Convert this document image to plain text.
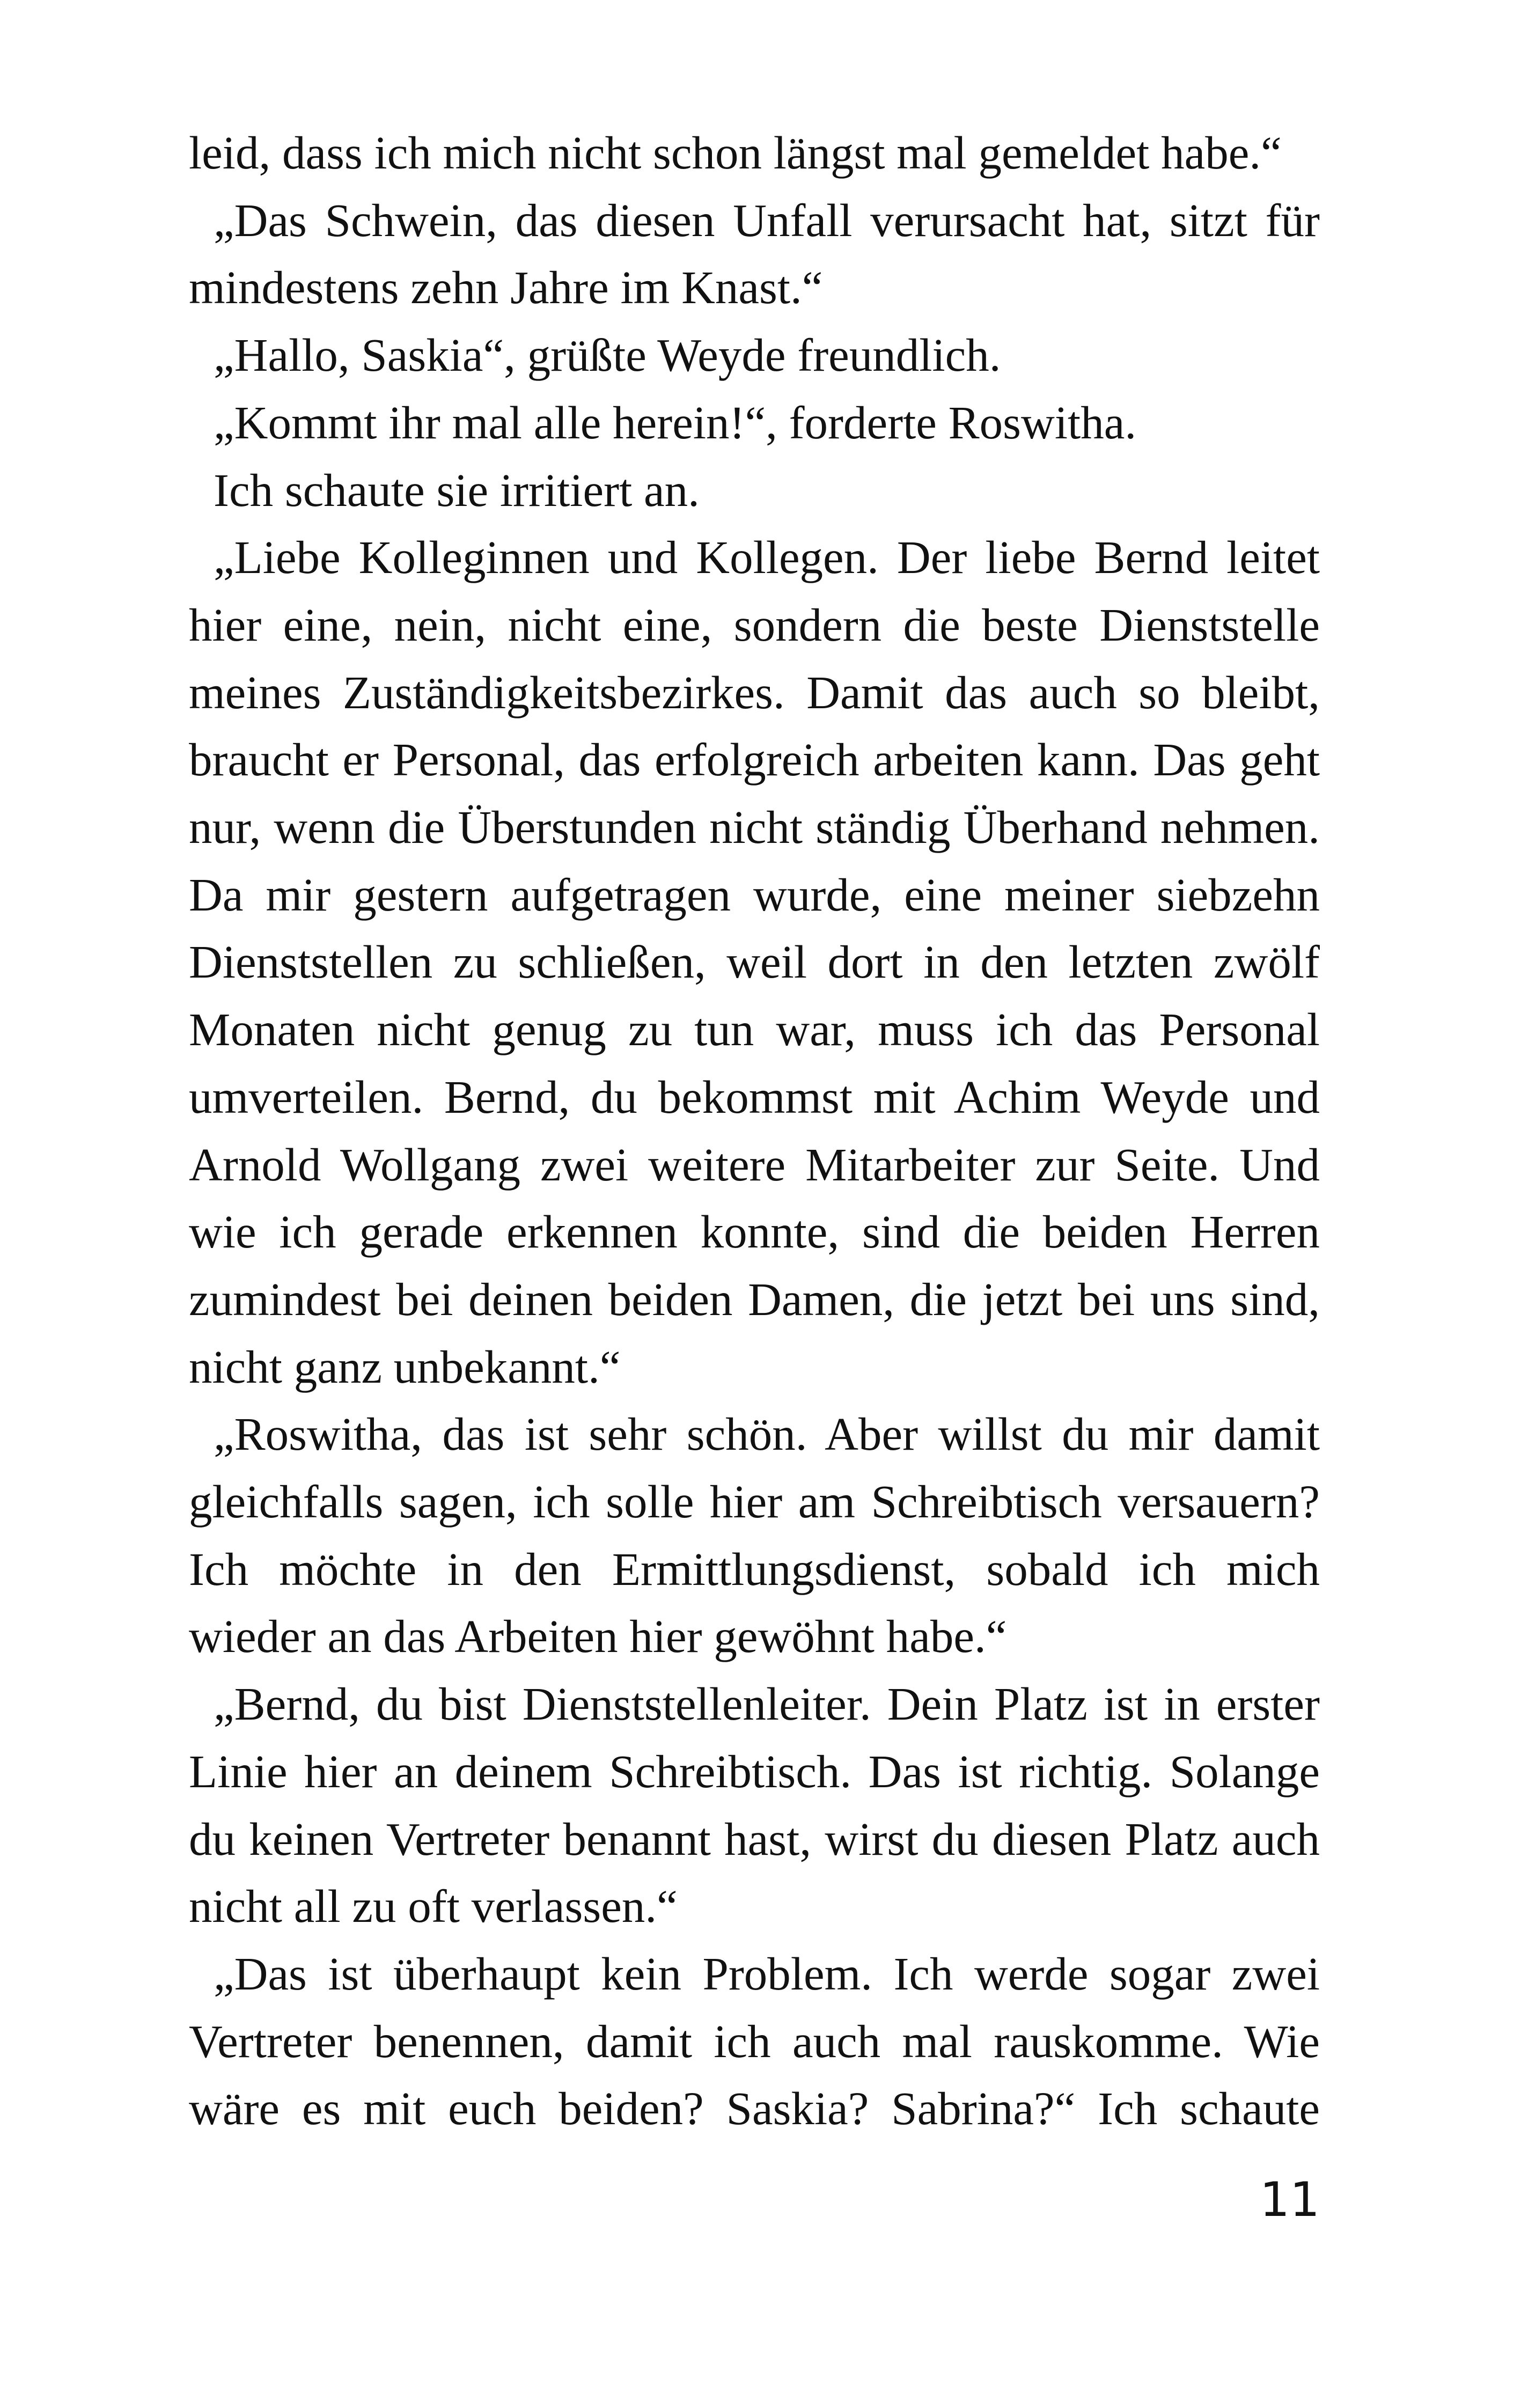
leid, dass ich mich nicht schon längst mal gemeldet habe.“

„Das Schwein, das diesen Unfall verursacht hat, sitzt für mindestens zehn Jahre im Knast.“

„Hallo, Saskia“, grüßte Weyde freundlich.

„Kommt ihr mal alle herein!“, forderte Roswitha.

Ich schaute sie irritiert an.

„Liebe Kolleginnen und Kollegen. Der liebe Bernd leitet hier eine, nein, nicht eine, sondern die beste Dienststelle meines Zuständigkeitsbezirkes. Damit das auch so bleibt, braucht er Personal, das erfolgreich arbeiten kann. Das geht nur, wenn die Überstunden nicht ständig Überhand nehmen. Da mir gestern aufgetragen wurde, eine meiner siebzehn Dienststellen zu schließen, weil dort in den letzten zwölf Monaten nicht genug zu tun war, muss ich das Personal umverteilen. Bernd, du bekommst mit Achim Weyde und Arnold Wollgang zwei weitere Mitarbeiter zur Seite. Und wie ich gerade erkennen konnte, sind die beiden Herren zumindest bei deinen beiden Damen, die jetzt bei uns sind, nicht ganz unbekannt.“

„Roswitha, das ist sehr schön. Aber willst du mir damit gleichfalls sagen, ich solle hier am Schreibtisch versauern? Ich möchte in den Ermittlungsdienst, sobald ich mich wieder an das Arbeiten hier gewöhnt habe.“

„Bernd, du bist Dienststellenleiter. Dein Platz ist in erster Linie hier an deinem Schreibtisch. Das ist richtig. Solange du keinen Vertreter benannt hast, wirst du diesen Platz auch nicht all zu oft verlassen.“

„Das ist überhaupt kein Problem. Ich werde sogar zwei Vertreter benennen, damit ich auch mal rauskomme. Wie wäre es mit euch beiden? Saskia? Sabrina?“ Ich schaute

11
